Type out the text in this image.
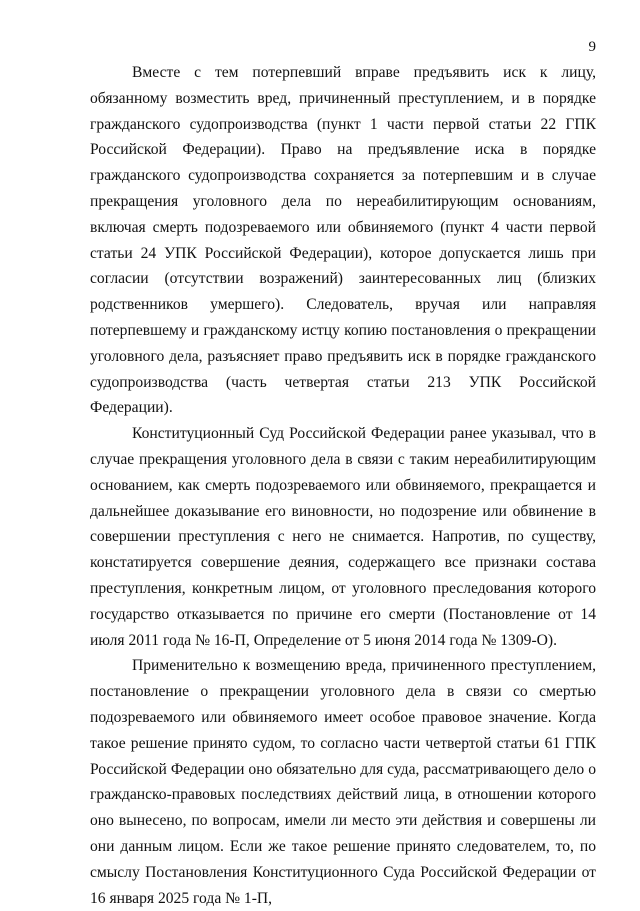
9

Вместе с тем потерпевший вправе предъявить иск к лицу, обязанному возместить вред, причиненный преступлением, и в порядке гражданского судопроизводства (пункт 1 части первой статьи 22 ГПК Российской Федерации). Право на предъявление иска в порядке гражданского судопроизводства сохраняется за потерпевшим и в случае прекращения уголовного дела по нереабилитирующим основаниям, включая смерть подозреваемого или обвиняемого (пункт 4 части первой статьи 24 УПК Российской Федерации), которое допускается лишь при согласии (отсутствии возражений) заинтересованных лиц (близких родственников умершего). Следователь, вручая или направляя потерпевшему и гражданскому истцу копию постановления о прекращении уголовного дела, разъясняет право предъявить иск в порядке гражданского судопроизводства (часть четвертая статьи 213 УПК Российской Федерации).

Конституционный Суд Российской Федерации ранее указывал, что в случае прекращения уголовного дела в связи с таким нереабилитирующим основанием, как смерть подозреваемого или обвиняемого, прекращается и дальнейшее доказывание его виновности, но подозрение или обвинение в совершении преступления с него не снимается. Напротив, по существу, констатируется совершение деяния, содержащего все признаки состава преступления, конкретным лицом, от уголовного преследования которого государство отказывается по причине его смерти (Постановление от 14 июля 2011 года № 16-П, Определение от 5 июня 2014 года № 1309-О).

Применительно к возмещению вреда, причиненного преступлением, постановление о прекращении уголовного дела в связи со смертью подозреваемого или обвиняемого имеет особое правовое значение. Когда такое решение принято судом, то согласно части четвертой статьи 61 ГПК Российской Федерации оно обязательно для суда, рассматривающего дело о гражданско-правовых последствиях действий лица, в отношении которого оно вынесено, по вопросам, имели ли место эти действия и совершены ли они данным лицом. Если же такое решение принято следователем, то, по смыслу Постановления Конституционного Суда Российской Федерации от 16 января 2025 года № 1-П,
